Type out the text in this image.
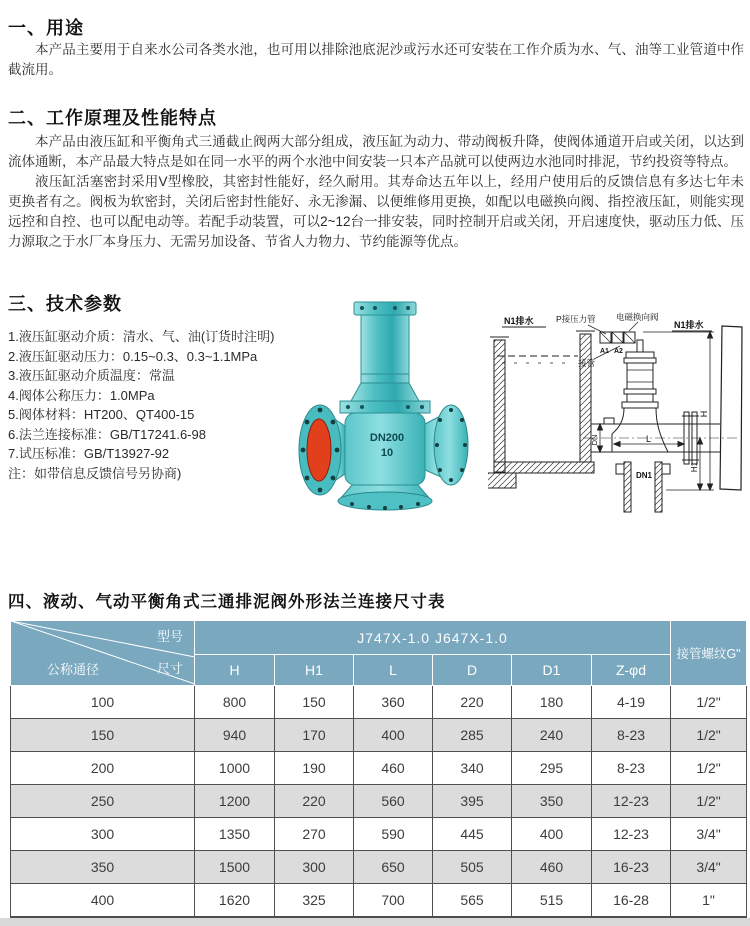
一、用途

本产品主要用于自来水公司各类水池，也可用以排除池底泥沙或污水还可安装在工作介质为水、气、油等工业管道中作截流用。

二、工作原理及性能特点

本产品由液压缸和平衡角式三通截止阀两大部分组成，液压缸为动力、带动阀板升降，使阀体通道开启或关闭，以达到流体通断，本产品最大特点是如在同一水平的两个水池中间安装一只本产品就可以使两边水池同时排泥，节约投资等特点。

液压缸活塞密封采用V型橡胶，其密封性能好，经久耐用。其寿命达五年以上，经用户使用后的反馈信息有多达七年未更换者有之。阀板为软密封，关闭后密封性能好、永无渗漏、以便维修用更换，如配以电磁换向阀、指控液压缸，则能实现远控和自控、也可以配电动等。若配手动装置，可以2~12台一排安装，同时控制开启或关闭，开启速度快，驱动压力低、压力源取之于水厂本身压力、无需另加设备、节省人力物力、节约能源等优点。

三、技术参数
1.液压缸驱动介质：清水、气、油(订货时注明)
2.液压缸驱动压力：0.15~0.3、0.3~1.1MPa
3.液压缸驱动介质温度：常温
4.阀体公称压力：1.0MPa
5.阀体材料：HT200、QT400-15
6.法兰连接标准：GB/T17241.6-98
7.试压标准：GB/T13927-92
注：如带信息反馈信号另协商)
DN200
10
N1排水	P接压力管 电磁换向阀
N1排水
A1 A2
接管
DN1
H
H1
L
DN
四、液动、气动平衡角式三通排泥阀外形法兰连接尺寸表
型号
尺寸
公称通径	J747X-1.0 J647X-1.0						接管螺纹G"
	H	H1	L	D	D1	Z-φd	
100	800	150	360	220	180	4-19	1/2"
150	940	170	400	285	240	8-23	1/2"
200	1000	190	460	340	295	8-23	1/2"
250	1200	220	560	395	350	12-23	1/2"
300	1350	270	590	445	400	12-23	3/4"
350	1500	300	650	505	460	16-23	3/4"
400	1620	325	700	565	515	16-28	1"
